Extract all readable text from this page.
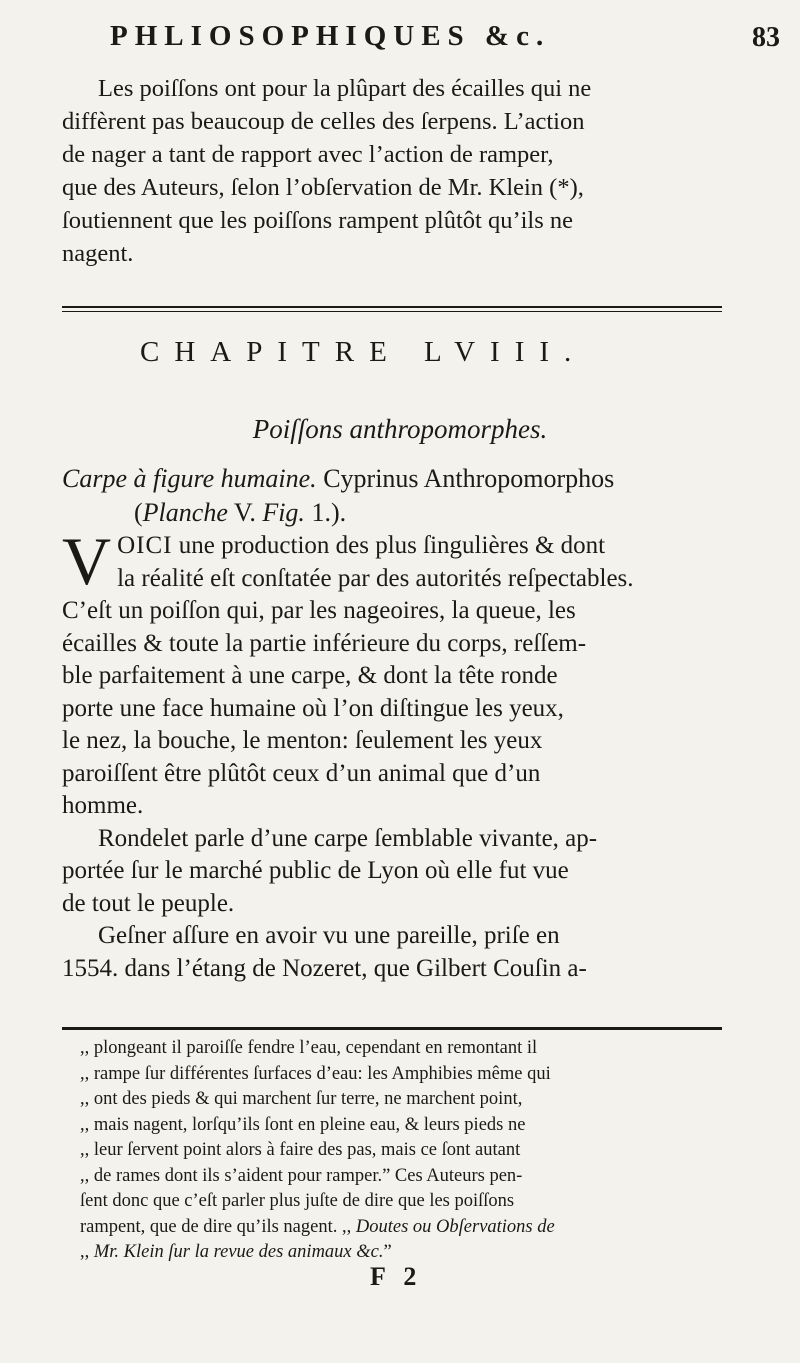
PHLIOSOPHIQUES &c.	83
Les poiſſons ont pour la plûpart des écailles qui ne
diffèrent pas beaucoup de celles des ſerpens. L’action
de nager a tant de rapport avec l’action de ramper,
que des Auteurs, ſelon l’obſervation de Mr. Klein (*),
ſoutiennent que les poiſſons rampent plûtôt qu’ils ne
nagent.
CHAPITRE LVIII.
Poiſſons anthropomorphes.
Carpe à figure humaine. Cyprinus Anthropomorphos
(Planche V. Fig. 1.).
VOICI une production des plus ſingulières & dont
la réalité eſt conſtatée par des autorités reſpectables.
C’eſt un poiſſon qui, par les nageoires, la queue, les
écailles & toute la partie inférieure du corps, reſſem-
ble parfaitement à une carpe, & dont la tête ronde
porte une face humaine où l’on diſtingue les yeux,
le nez, la bouche, le menton: ſeulement les yeux
paroiſſent être plûtôt ceux d’un animal que d’un
homme.
Rondelet parle d’une carpe ſemblable vivante, ap-
portée ſur le marché public de Lyon où elle fut vue
de tout le peuple.
Geſner aſſure en avoir vu une pareille, priſe en
1554. dans l’étang de Nozeret, que Gilbert Couſin a-
,, plongeant il paroiſſe fendre l’eau, cependant en remontant il
,, rampe ſur différentes ſurfaces d’eau: les Amphibies même qui
,, ont des pieds & qui marchent ſur terre, ne marchent point,
,, mais nagent, lorſqu’ils ſont en pleine eau, & leurs pieds ne
,, leur ſervent point alors à faire des pas, mais ce ſont autant
,, de rames dont ils s’aident pour ramper.” Ces Auteurs pen-
ſent donc que c’eſt parler plus juſte de dire que les poiſſons
rampent, que de dire qu’ils nagent. ,, Doutes ou Obſervations de
,, Mr. Klein ſur la revue des animaux &c.”
F 2
